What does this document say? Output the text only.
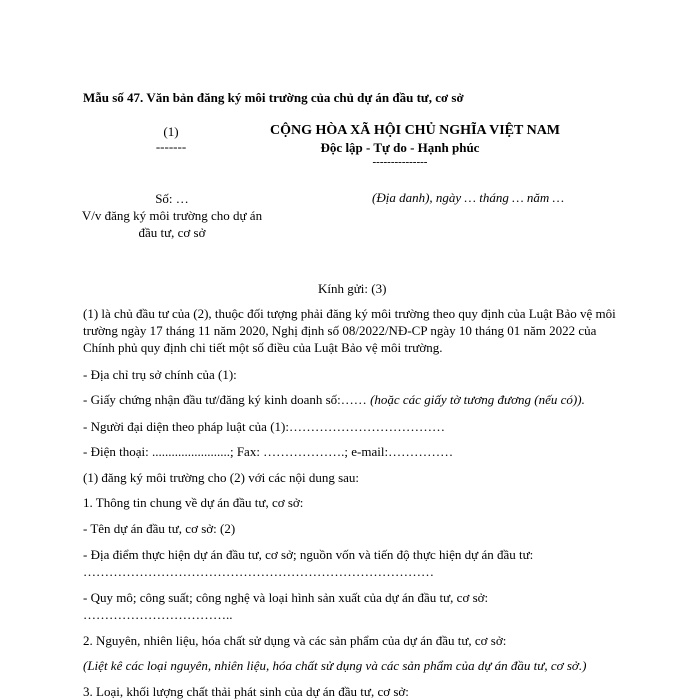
Mẫu số 47. Văn bản đăng ký môi trường của chủ dự án đầu tư, cơ sở
(1)
-------
CỘNG HÒA XÃ HỘI CHỦ NGHĨA VIỆT NAM
Độc lập - Tự do - Hạnh phúc
---------------
Số: …
V/v đăng ký môi trường cho dự án đầu tư, cơ sở
(Địa danh), ngày … tháng … năm …
Kính gửi: (3)
(1) là chủ đầu tư của (2), thuộc đối tượng phải đăng ký môi trường theo quy định của Luật Bảo vệ môi trường ngày 17 tháng 11 năm 2020, Nghị định số 08/2022/NĐ-CP ngày 10 tháng 01 năm 2022 của Chính phủ quy định chi tiết một số điều của Luật Bảo vệ môi trường.
- Địa chỉ trụ sở chính của (1):
- Giấy chứng nhận đầu tư/đăng ký kinh doanh số:…… (hoặc các giấy tờ tương đương (nếu có)).
- Người đại diện theo pháp luật của (1):………………………………
- Điện thoại: ........................; Fax: ……………….; e-mail:……………
(1) đăng ký môi trường cho (2) với các nội dung sau:
1. Thông tin chung về dự án đầu tư, cơ sở:
- Tên dự án đầu tư, cơ sở: (2)
- Địa điểm thực hiện dự án đầu tư, cơ sở; nguồn vốn và tiến độ thực hiện dự án đầu tư:
………………………………………………………………………
- Quy mô; công suất; công nghệ và loại hình sản xuất của dự án đầu tư, cơ sở:
……………………………..
2. Nguyên, nhiên liệu, hóa chất sử dụng và các sản phẩm của dự án đầu tư, cơ sở:
(Liệt kê các loại nguyên, nhiên liệu, hóa chất sử dụng và các sản phẩm của dự án đầu tư, cơ sở.)
3. Loại, khối lượng chất thải phát sinh của dự án đầu tư, cơ sở:
